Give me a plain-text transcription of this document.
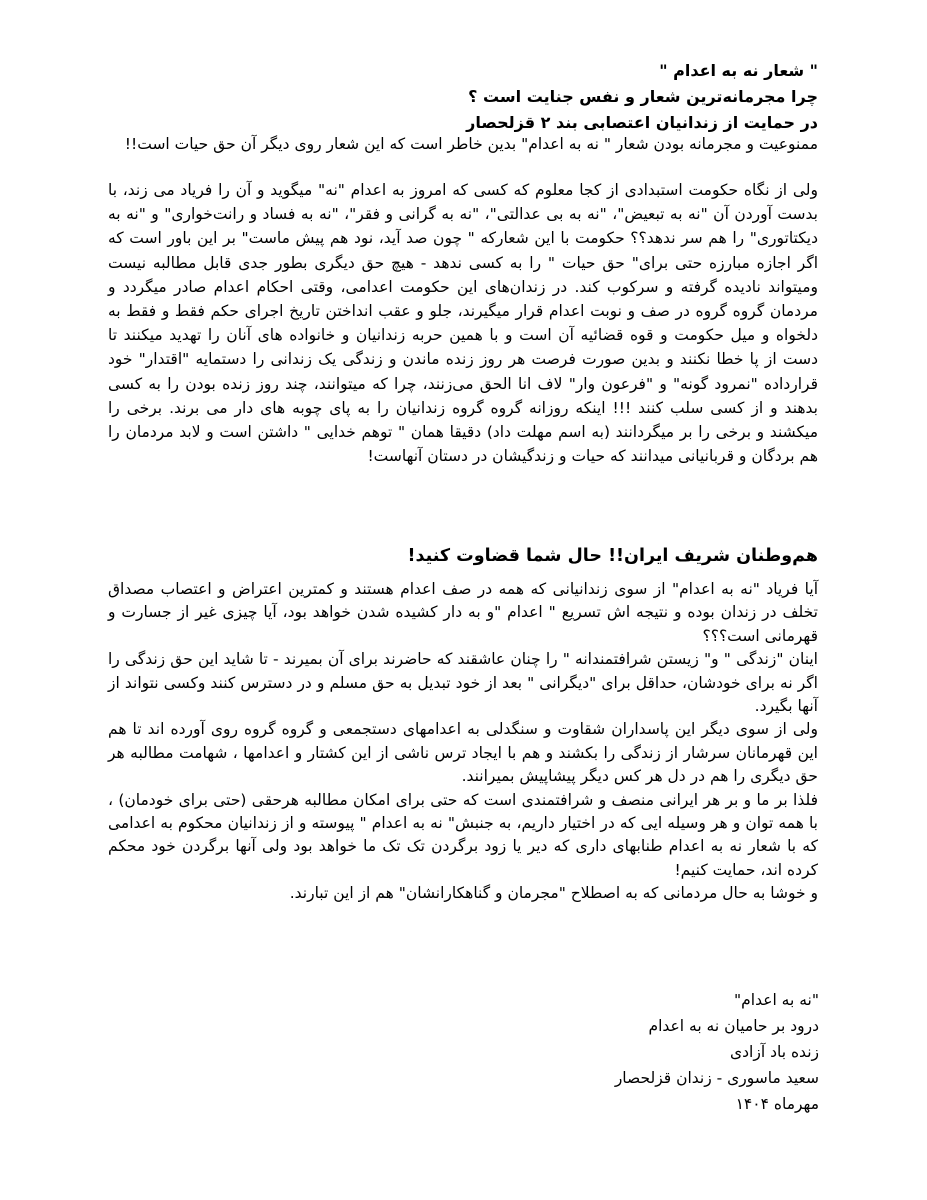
" شعار نه به اعدام "

چرا مجرمانه‌ترین شعار و نفس جنایت است ؟

در حمایت از زندانیان اعتصابی بند ۲ قزلحصار

ممنوعیت و مجرمانه بودن شعار " نه به اعدام" بدین خاطر است که این شعار روی دیگر آن حق حیات است!!

ولی از نگاه حکومت استبدادی از کجا معلوم که کسی که امروز به اعدام "نه" میگوید و آن را فریاد می زند، با بدست آوردن آن "نه به تبعیض"، "نه به بی عدالتی"، "نه به گرانی و فقر"، "نه به فساد و رانت‌خواری" و "نه به دیکتاتوری" را هم سر ندهد؟؟ حکومت با این شعارکه " چون صد آید، نود هم پیش ماست" بر این باور است که اگر اجازه مبارزه حتی برای" حق حیات " را به کسی ندهد - هیچ حق دیگری بطور جدی قابل مطالبه نیست ومیتواند نادیده گرفته و سرکوب کند. در زندان‌های این حکومت اعدامی، وقتی احکام اعدام صادر میگردد و مردمان گروه گروه در صف و نوبت اعدام قرار میگیرند، جلو و عقب انداختن تاریخ اجرای حکم فقط و فقط به دلخواه و میل حکومت و قوه قضائیه آن است و با همین حربه زندانیان و خانواده های آنان را تهدید میکنند تا دست از پا خطا نکنند و بدین صورت فرصت هر روز زنده ماندن و زندگی یک زندانی را دستمایه "اقتدار" خود قرارداده "نمرود گونه" و "فرعون وار" لاف انا الحق می‌زنند، چرا که میتوانند، چند روز زنده بودن را به کسی بدهند و از کسی سلب کنند !!! اینکه روزانه گروه گروه زندانیان را به پای چوبه های دار می برند. برخی را میکشند و برخی را بر میگردانند (به اسم مهلت داد) دقیقا همان " توهم خدایی " داشتن است و لابد مردمان را هم بردگان و قربانیانی میدانند که حیات و زندگیشان در دستان آنهاست!

هم‌وطنان شریف ایران!! حال شما قضاوت کنید!

آیا فریاد "نه به اعدام" از سوی زندانیانی که همه در صف اعدام هستند و کمترین اعتراض و اعتصاب مصداق تخلف در زندان بوده و نتیجه اش تسریع " اعدام "و به دار کشیده شدن خواهد بود، آیا چیزی غیر از جسارت و قهرمانی است؟؟؟

اینان "زندگی " و" زیستن شرافتمندانه " را چنان عاشقند که حاضرند برای آن بمیرند - تا شاید این حق زندگی را اگر نه برای خودشان، حداقل برای "دیگرانی " بعد از خود تبدیل به حق مسلم و در دسترس کنند وکسی نتواند از آنها بگیرد.

ولی از سوی دیگر این پاسداران شقاوت و سنگدلی به اعدامهای دستجمعی و گروه گروه روی آورده اند تا هم این قهرمانان سرشار از زندگی را بکشند و هم با ایجاد ترس ناشی از این کشتار و اعدامها ، شهامت مطالبه هر حق دیگری را هم در دل هر کس دیگر پیشاپیش بمیرانند.

فلذا بر ما و بر هر ایرانی منصف و شرافتمندی است که حتی برای امکان مطالبه هرحقی (حتی برای خودمان) ، با همه توان و هر وسیله ایی که در اختیار داریم، به جنبش" نه به اعدام " پیوسته و از زندانیان محکوم به اعدامی که با شعار نه به اعدام طنابهای داری که دیر یا زود برگردن تک تک ما خواهد بود ولی آنها برگردن خود محکم کرده اند، حمایت کنیم!

و خوشا به حال مردمانی که به اصطلاح "مجرمان و گناهکارانشان" هم از این تبارند.

"نه به اعدام"

درود بر حامیان نه به اعدام

زنده باد آزادی

سعید ماسوری - زندان قزلحصار

مهرماه ۱۴۰۴
